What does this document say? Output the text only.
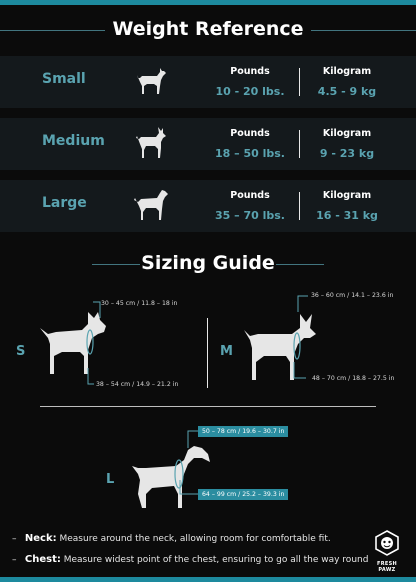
Weight Reference
Small	Pounds
10 - 20 lbs.
Kilogram
4.5 - 9 kg
Medium	Pounds
18 – 50 lbs.
Kilogram
9 - 23 kg
Large	Pounds
35 – 70 lbs.
Kilogram
16 - 31 kg
Sizing Guide
S
30 – 45 cm / 11.8 – 18 in
38 – 54 cm / 14.9 – 21.2 in
M
36 – 60 cm / 14.1 – 23.6 in
48 – 70 cm / 18.8 – 27.5 in
L
50 – 78 cm / 19.6 – 30.7 in
64 – 99 cm / 25.2 – 39.3 in
– Neck: Measure around the neck, allowing room for comfortable fit.
– Chest: Measure widest point of the chest, ensuring to go all the way round	FRESH PAWZ
